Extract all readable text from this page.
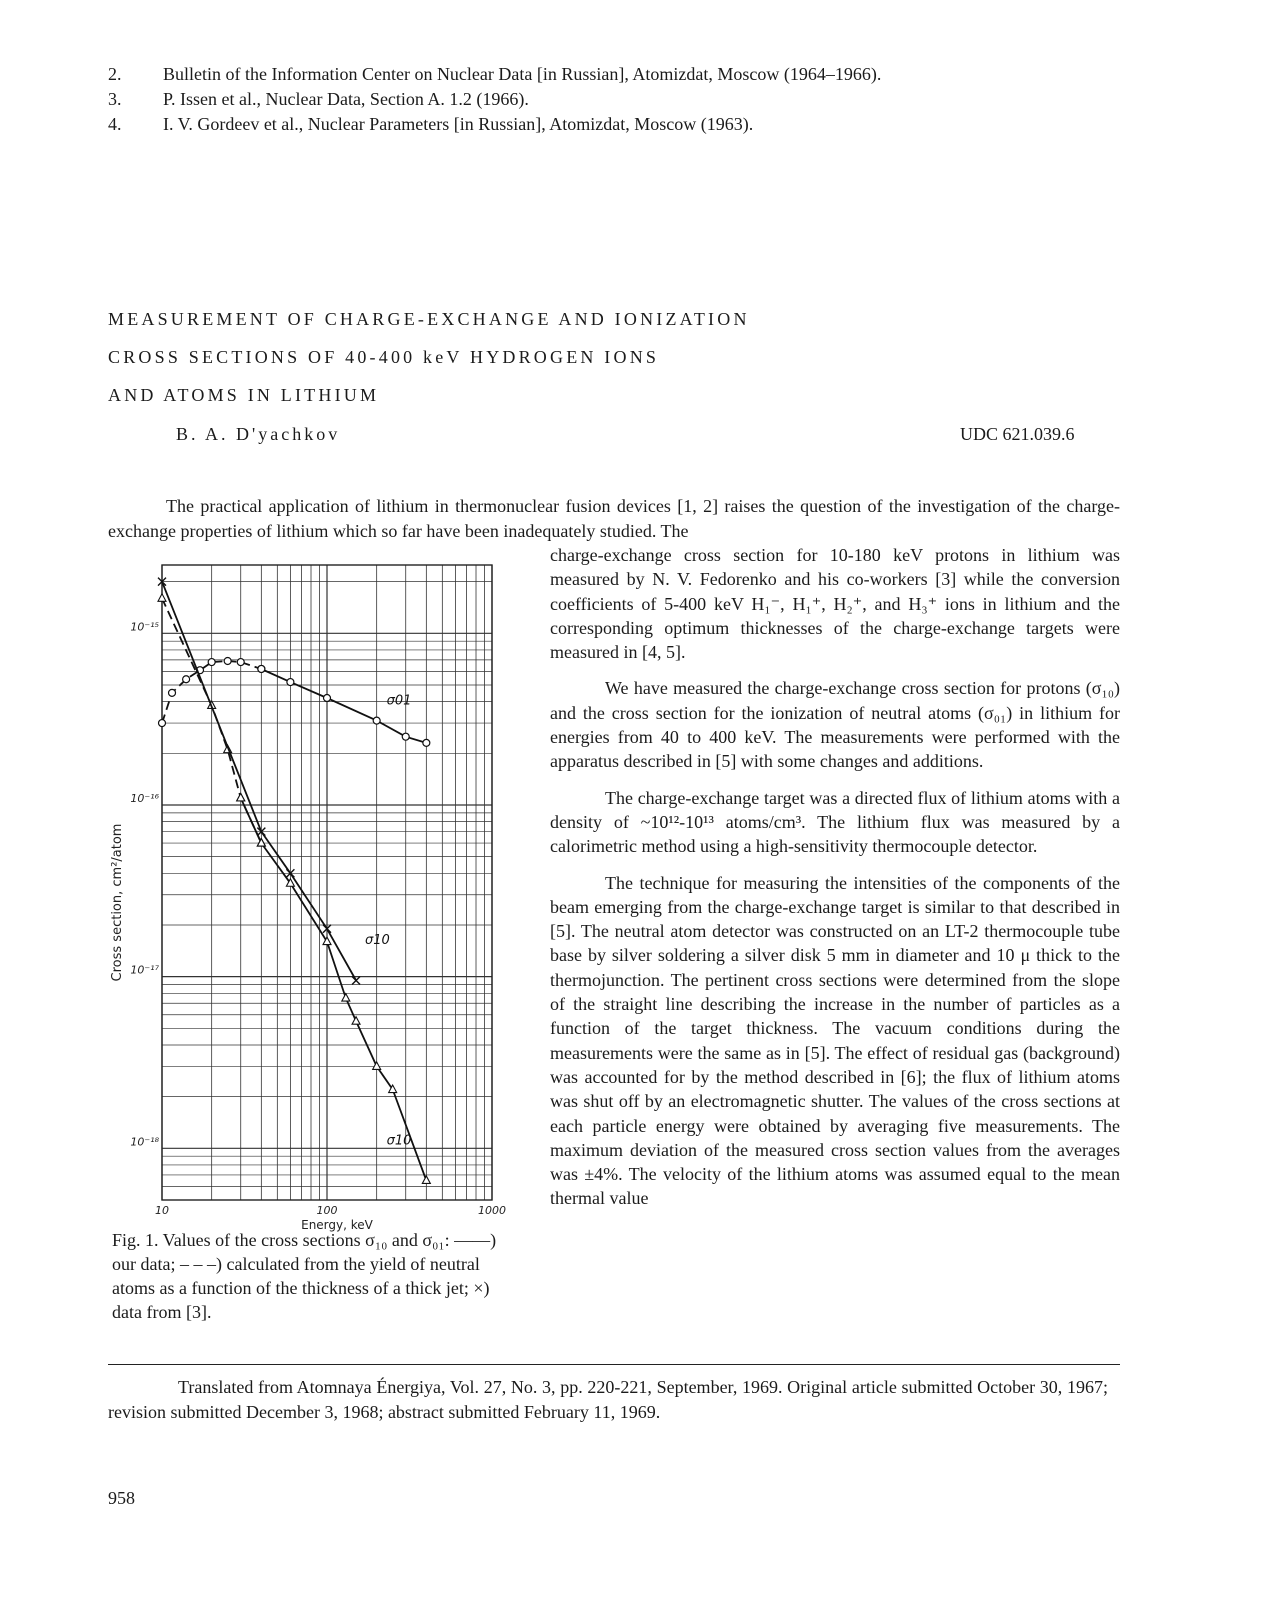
2.	Bulletin of the Information Center on Nuclear Data [in Russian], Atomizdat, Moscow (1964–1966).
3.	P. Issen et al., Nuclear Data, Section A. 1.2 (1966).
4.	I. V. Gordeev et al., Nuclear Parameters [in Russian], Atomizdat, Moscow (1963).
MEASUREMENT OF CHARGE-EXCHANGE AND IONIZATION
CROSS SECTIONS OF 40-400 keV HYDROGEN IONS
AND ATOMS IN LITHIUM
B. A. D'yachkov	UDC 621.039.6
The practical application of lithium in thermonuclear fusion devices [1, 2] raises the question of the investigation of the charge-exchange properties of lithium which so far have been inadequately studied. The
10	100	1000
10⁻¹⁵
10⁻¹⁶
10⁻¹⁷
10⁻¹⁸
Energy, keV
Cross section, cm²/atom
σ01
σ10
σ10
Fig. 1. Values of the cross sections σ₁₀ and σ₀₁: ——) our data; – – –) calculated from the yield of neutral atoms as a function of the thickness of a thick jet; ×) data from [3].

charge-exchange cross section for 10-180 keV protons in lithium was measured by N. V. Fedorenko and his co-workers [3] while the conversion coefficients of 5-400 keV H₁⁻, H₁⁺, H₂⁺, and H₃⁺ ions in lithium and the corresponding optimum thicknesses of the charge-exchange targets were measured in [4, 5].

We have measured the charge-exchange cross section for protons (σ₁₀) and the cross section for the ionization of neutral atoms (σ₀₁) in lithium for energies from 40 to 400 keV. The measurements were performed with the apparatus described in [5] with some changes and additions.

The charge-exchange target was a directed flux of lithium atoms with a density of ~10¹²-10¹³ atoms/cm³. The lithium flux was measured by a calorimetric method using a high-sensitivity thermocouple detector.

The technique for measuring the intensities of the components of the beam emerging from the charge-exchange target is similar to that described in [5]. The neutral atom detector was constructed on an LT-2 thermocouple tube base by silver soldering a silver disk 5 mm in diameter and 10 μ thick to the thermojunction. The pertinent cross sections were determined from the slope of the straight line describing the increase in the number of particles as a function of the target thickness. The vacuum conditions during the measurements were the same as in [5]. The effect of residual gas (background) was accounted for by the method described in [6]; the flux of lithium atoms was shut off by an electromagnetic shutter. The values of the cross sections at each particle energy were obtained by averaging five measurements. The maximum deviation of the measured cross section values from the averages was ±4%. The velocity of the lithium atoms was assumed equal to the mean thermal value

Translated from Atomnaya Énergiya, Vol. 27, No. 3, pp. 220-221, September, 1969. Original article submitted October 30, 1967; revision submitted December 3, 1968; abstract submitted February 11, 1969.
958
